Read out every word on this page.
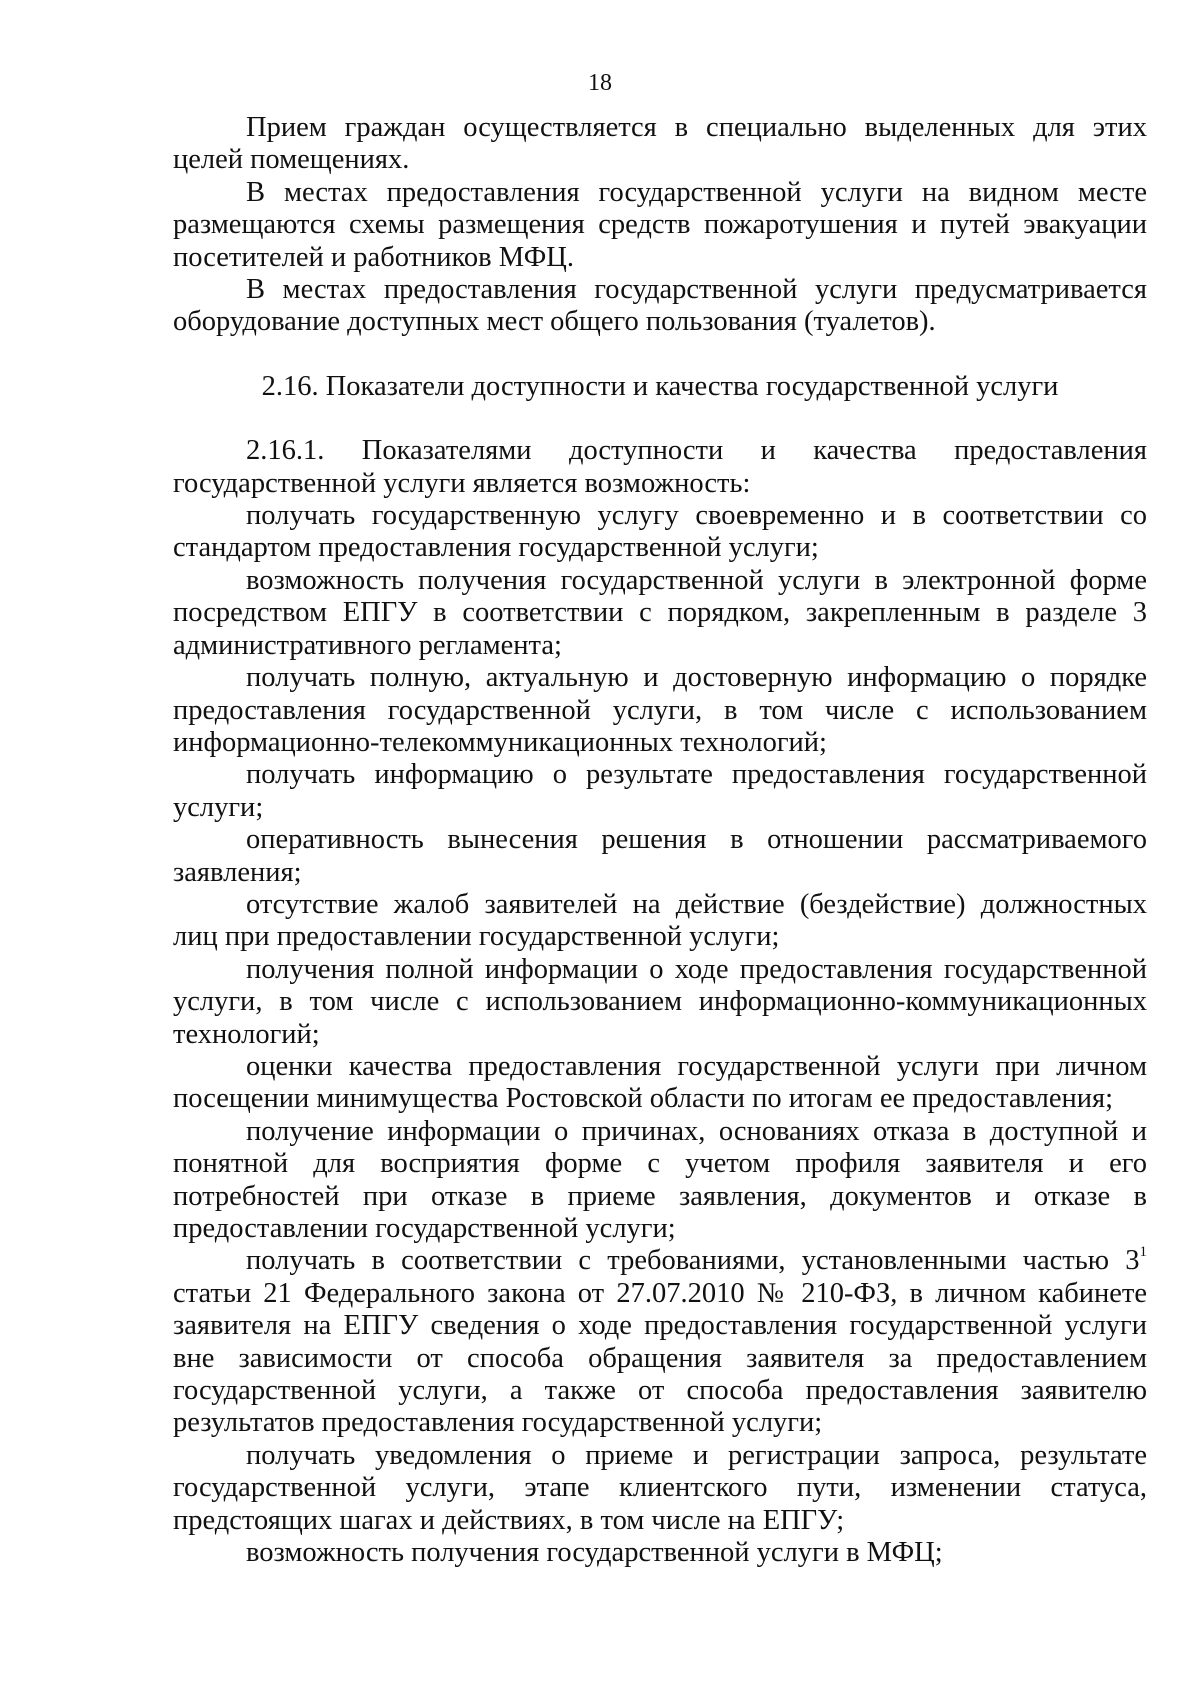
18

Прием граждан осуществляется в специально выделенных для этих целей помещениях.

В местах предоставления государственной услуги на видном месте размещаются схемы размещения средств пожаротушения и путей эвакуации посетителей и работников МФЦ.

В местах предоставления государственной услуги предусматривается оборудование доступных мест общего пользования (туалетов).

2.16. Показатели доступности и качества государственной услуги

2.16.1. Показателями доступности и качества предоставления государственной услуги является возможность:

получать государственную услугу своевременно и в соответствии со стандартом предоставления государственной услуги;

возможность получения государственной услуги в электронной форме посредством ЕПГУ в соответствии с порядком, закрепленным в разделе 3 административного регламента;

получать полную, актуальную и достоверную информацию о порядке предоставления государственной услуги, в том числе с использованием информационно-телекоммуникационных технологий;

получать информацию о результате предоставления государственной услуги;

оперативность вынесения решения в отношении рассматриваемого заявления;

отсутствие жалоб заявителей на действие (бездействие) должностных лиц при предоставлении государственной услуги;

получения полной информации о ходе предоставления государственной услуги, в том числе с использованием информационно-коммуникационных технологий;

оценки качества предоставления государственной услуги при личном посещении минимущества Ростовской области по итогам ее предоставления;

получение информации о причинах, основаниях отказа в доступной и понятной для восприятия форме с учетом профиля заявителя и его потребностей при отказе в приеме заявления, документов и отказе в предоставлении государственной услуги;

получать в соответствии с требованиями, установленными частью $3^1$ статьи 21 Федерального закона от 27.07.2010 № 210-ФЗ, в личном кабинете заявителя на ЕПГУ сведения о ходе предоставления государственной услуги вне зависимости от способа обращения заявителя за предоставлением государственной услуги, а также от способа предоставления заявителю результатов предоставления государственной услуги;

получать уведомления о приеме и регистрации запроса, результате государственной услуги, этапе клиентского пути, изменении статуса, предстоящих шагах и действиях, в том числе на ЕПГУ;

возможность получения государственной услуги в МФЦ;
